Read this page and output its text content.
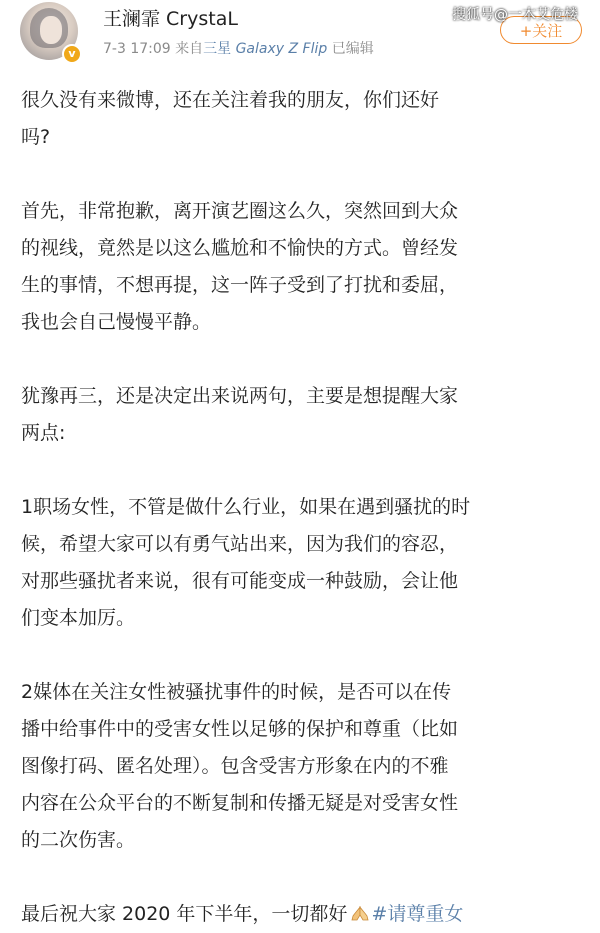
v
王澜霏 CrystaL
7-3 17:09 来自三星 Galaxy Z Flip 已编辑
+关注
搜狐号@一木艾危楼

很久没有来微博，还在关注着我的朋友，你们还好
吗?

首先，非常抱歉，离开演艺圈这么久，突然回到大众
的视线，竟然是以这么尴尬和不愉快的方式。曾经发
生的事情，不想再提，这一阵子受到了打扰和委屈，
我也会自己慢慢平静。

犹豫再三，还是决定出来说两句，主要是想提醒大家
两点:

1职场女性，不管是做什么行业，如果在遇到骚扰的时
候，希望大家可以有勇气站出来，因为我们的容忍，
对那些骚扰者来说，很有可能变成一种鼓励，会让他
们变本加厉。

2媒体在关注女性被骚扰事件的时候，是否可以在传
播中给事件中的受害女性以足够的保护和尊重（比如
图像打码、匿名处理）。包含受害方形象在内的不雅
内容在公众平台的不断复制和传播无疑是对受害女性
的二次伤害。

最后祝大家 2020 年下半年，一切都好 #请尊重女
